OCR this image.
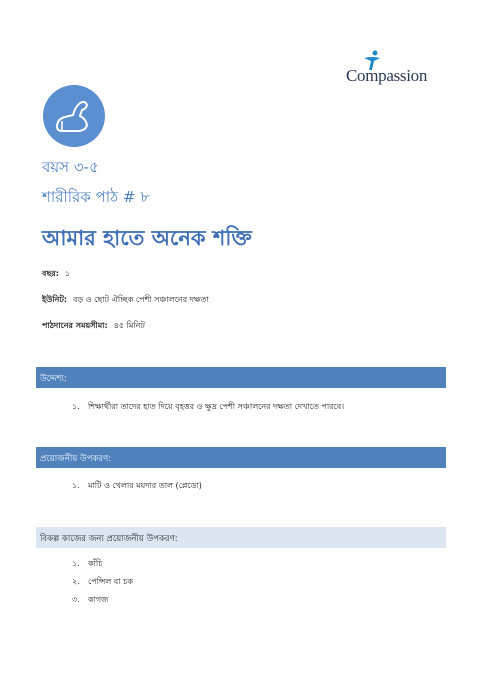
Compassion
বয়স ৩-৫
শারীরিক পাঠ # ৮
আমার হাতে অনেক শক্তি
বছর: ১
ইউনিট: বড় ও ছোট ঐচ্ছিক পেশী সঞ্চালনের দক্ষতা
পাঠদানের সময়সীমা: ৪৫ মিনিট
উদ্দেশ্য:
১. শিক্ষার্থীরা তাদের হাত দিয়ে বৃহত্তর ও ক্ষুদ্র পেশী সঞ্চালনের দক্ষতা দেখাতে পারবে।
প্রয়োজনীয় উপকরণ:
১. মাটি ও খেলার ময়দার তাল (প্লেডো)
বিকল্প কাজের জন্য প্রয়োজনীয় উপকরণ:
১. কাঁচি
২. পেন্সিল বা চক
৩. কাগজ
